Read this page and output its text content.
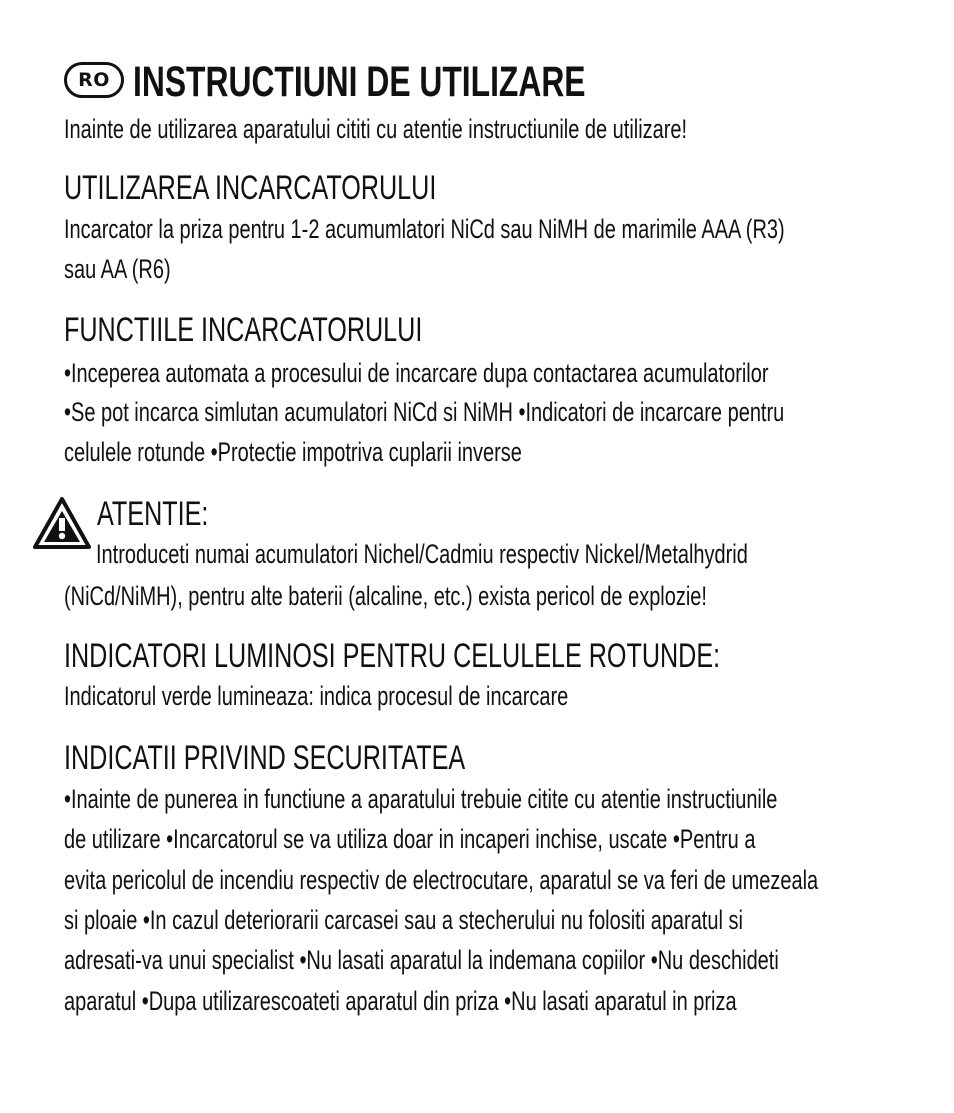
RO INSTRUCTIUNI DE UTILIZARE
Inainte de utilizarea aparatului cititi cu atentie instructiunile de utilizare!
UTILIZAREA INCARCATORULUI
Incarcator la priza pentru 1-2 acumumlatori NiCd sau NiMH de marimile AAA (R3)
sau AA (R6)
FUNCTIILE INCARCATORULUI
•Inceperea automata a procesului de incarcare dupa contactarea acumulatorilor
•Se pot incarca simlutan acumulatori NiCd si NiMH •Indicatori de incarcare pentru
celulele rotunde •Protectie impotriva cuplarii inverse
ATENTIE:
Introduceti numai acumulatori Nichel/Cadmiu respectiv Nickel/Metalhydrid
(NiCd/NiMH), pentru alte baterii (alcaline, etc.) exista pericol de explozie!
INDICATORI LUMINOSI PENTRU CELULELE ROTUNDE:
Indicatorul verde lumineaza: indica procesul de incarcare
INDICATII PRIVIND SECURITATEA
•Inainte de punerea in functiune a aparatului trebuie citite cu atentie instructiunile
de utilizare •Incarcatorul se va utiliza doar in incaperi inchise, uscate •Pentru a
evita pericolul de incendiu respectiv de electrocutare, aparatul se va feri de umezeala
si ploaie •In cazul deteriorarii carcasei sau a stecherului nu folositi aparatul si
adresati-va unui specialist •Nu lasati aparatul la indemana copiilor •Nu deschideti
aparatul •Dupa utilizarescoateti aparatul din priza •Nu lasati aparatul in priza
